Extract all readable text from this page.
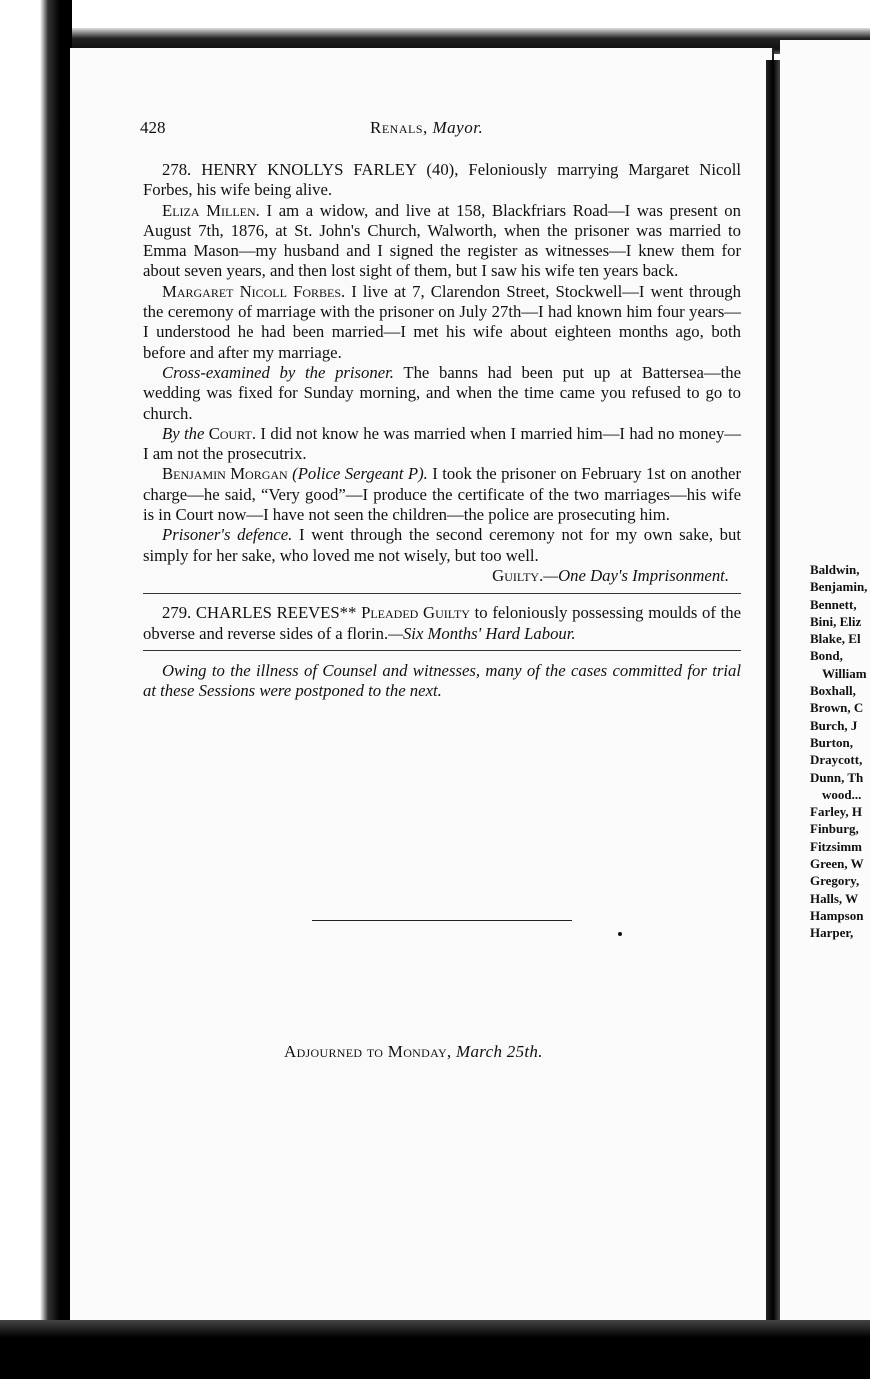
428	Renals, Mayor.

278. HENRY KNOLLYS FARLEY (40), Feloniously marrying Margaret Nicoll Forbes, his wife being alive.

Eliza Millen. I am a widow, and live at 158, Blackfriars Road—I was present on August 7th, 1876, at St. John's Church, Walworth, when the prisoner was married to Emma Mason—my husband and I signed the register as witnesses—I knew them for about seven years, and then lost sight of them, but I saw his wife ten years back.

Margaret Nicoll Forbes. I live at 7, Clarendon Street, Stockwell—I went through the ceremony of marriage with the prisoner on July 27th—I had known him four years—I understood he had been married—I met his wife about eighteen months ago, both before and after my marriage.

Cross-examined by the prisoner. The banns had been put up at Battersea—the wedding was fixed for Sunday morning, and when the time came you refused to go to church.

By the Court. I did not know he was married when I married him—I had no money—I am not the prosecutrix.

Benjamin Morgan (Police Sergeant P). I took the prisoner on February 1st on another charge—he said, “Very good”—I produce the certificate of the two marriages—his wife is in Court now—I have not seen the children—the police are prosecuting him.

Prisoner's defence. I went through the second ceremony not for my own sake, but simply for her sake, who loved me not wisely, but too well.

Guilty.—One Day's Imprisonment.

279. CHARLES REEVES** Pleaded Guilty to feloniously possessing moulds of the obverse and reverse sides of a florin.—Six Months' Hard Labour.

Owing to the illness of Counsel and witnesses, many of the cases committed for trial at these Sessions were postponed to the next.

Adjourned to Monday, March 25th.
Baldwin,
Benjamin,
Bennett,
Bini, Eliz
Blake, El
Bond,
William
Boxhall,
Brown, C
Burch, J
Burton,
Draycott,
Dunn, Th
wood...
Farley, H
Finburg,
Fitzsimm
Green, W
Gregory,
Halls, W
Hampson
Harper,
